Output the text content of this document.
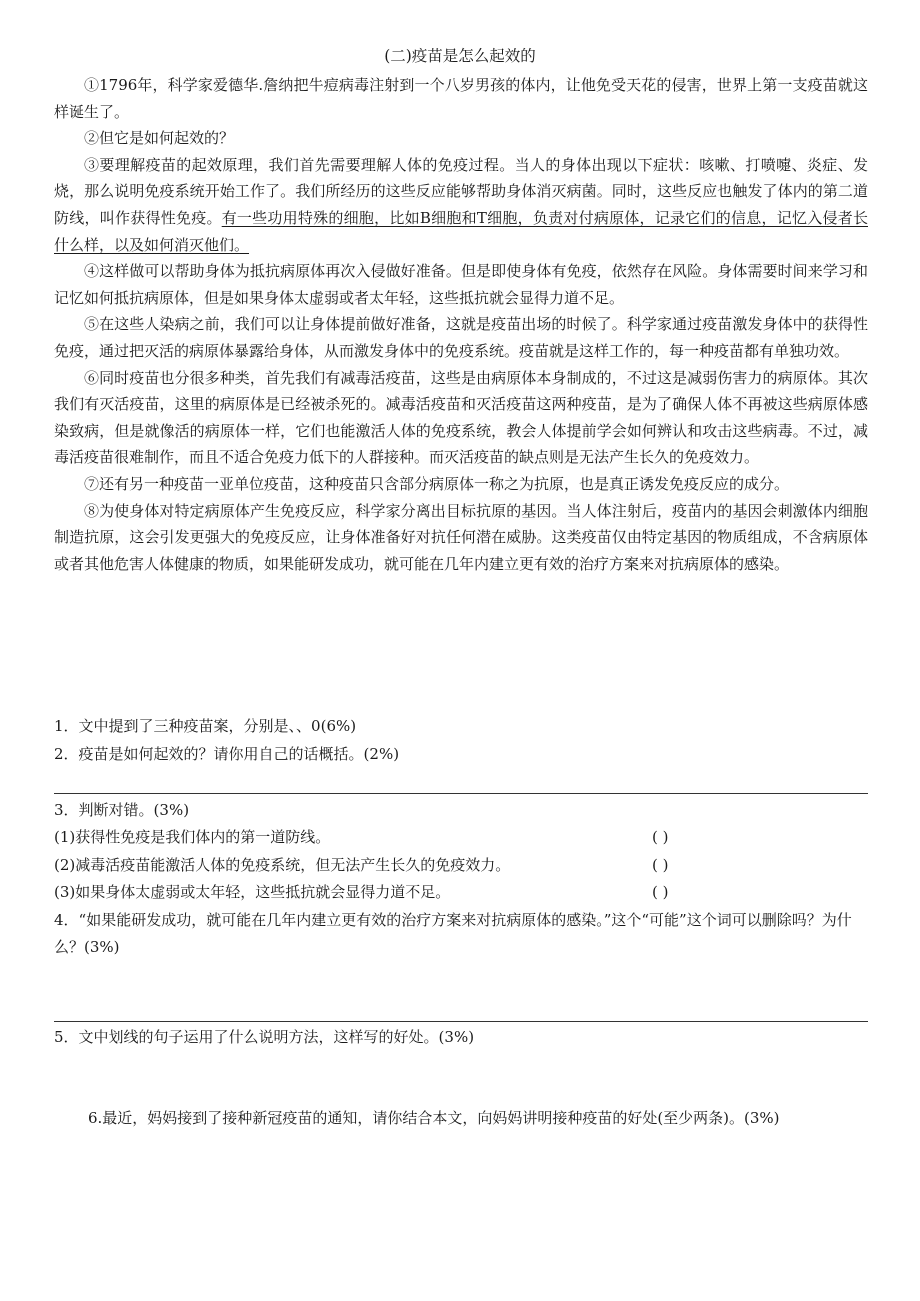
(二)疫苗是怎么起效的

①1796年，科学家爱德华.詹纳把牛痘病毒注射到一个八岁男孩的体内，让他免受天花的侵害，世界上第一支疫苗就这样诞生了。

②但它是如何起效的？

③要理解疫苗的起效原理，我们首先需要理解人体的免疫过程。当人的身体出现以下症状：咳嗽、打喷嚏、炎症、发烧，那么说明免疫系统开始工作了。我们所经历的这些反应能够帮助身体消灭病菌。同时，这些反应也触发了体内的第二道防线，叫作获得性免疫。有一些功用特殊的细胞，比如B细胞和T细胞，负责对付病原体，记录它们的信息，记忆入侵者长什么样，以及如何消灭他们。

④这样做可以帮助身体为抵抗病原体再次入侵做好准备。但是即使身体有免疫，依然存在风险。身体需要时间来学习和记忆如何抵抗病原体，但是如果身体太虚弱或者太年轻，这些抵抗就会显得力道不足。

⑤在这些人染病之前，我们可以让身体提前做好准备，这就是疫苗出场的时候了。科学家通过疫苗激发身体中的获得性免疫，通过把灭活的病原体暴露给身体，从而激发身体中的免疫系统。疫苗就是这样工作的，每一种疫苗都有单独功效。

⑥同时疫苗也分很多种类，首先我们有减毒活疫苗，这些是由病原体本身制成的，不过这是减弱伤害力的病原体。其次我们有灭活疫苗，这里的病原体是已经被杀死的。减毒活疫苗和灭活疫苗这两种疫苗，是为了确保人体不再被这些病原体感染致病，但是就像活的病原体一样，它们也能激活人体的免疫系统，教会人体提前学会如何辨认和攻击这些病毒。不过，减毒活疫苗很难制作，而且不适合免疫力低下的人群接种。而灭活疫苗的缺点则是无法产生长久的免疫效力。

⑦还有另一种疫苗一亚单位疫苗，这种疫苗只含部分病原体一称之为抗原，也是真正诱发免疫反应的成分。

⑧为使身体对特定病原体产生免疫反应，科学家分离出目标抗原的基因。当人体注射后，疫苗内的基因会刺激体内细胞制造抗原，这会引发更强大的免疫反应，让身体准备好对抗任何潜在威胁。这类疫苗仅由特定基因的物质组成，不含病原体或者其他危害人体健康的物质，如果能研发成功，就可能在几年内建立更有效的治疗方案来对抗病原体的感染。

1．文中提到了三种疫苗案，分别是、、0(6%)
2．疫苗是如何起效的？请你用自己的话概括。(2%)
3．判断对错。(3%)
(1)获得性免疫是我们体内的第一道防线。	( )
(2)减毒活疫苗能激活人体的免疫系统，但无法产生长久的免疫效力。	( )
(3)如果身体太虚弱或太年轻，这些抵抗就会显得力道不足。	( )
4．“如果能研发成功，就可能在几年内建立更有效的治疗方案来对抗病原体的感染。”这个“可能”这个词可以删除吗？为什么？(3%)
5．文中划线的句子运用了什么说明方法，这样写的好处。(3%)
6.最近，妈妈接到了接种新冠疫苗的通知，请你结合本文，向妈妈讲明接种疫苗的好处(至少两条)。(3%)
